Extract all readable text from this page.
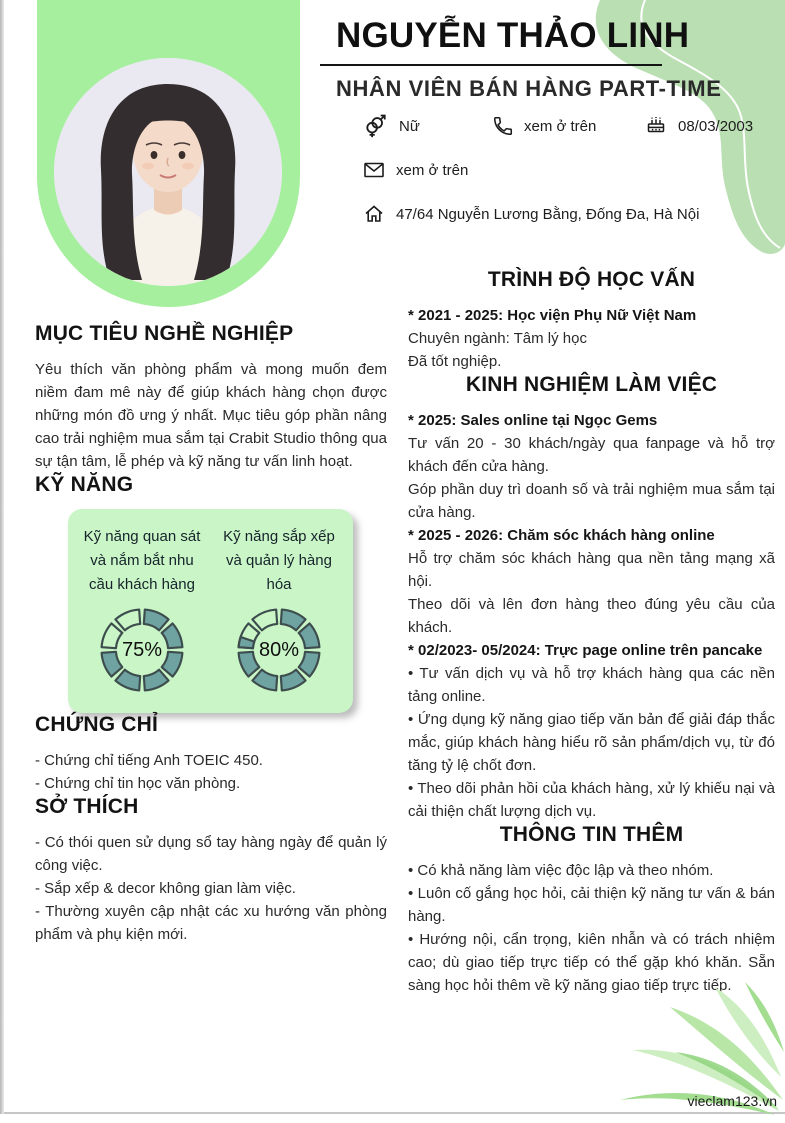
NGUYỄN THẢO LINH
NHÂN VIÊN BÁN HÀNG PART-TIME
Nữ	xem ở trên	08/03/2003
xem ở trên
47/64 Nguyễn Lương Bằng, Đống Đa, Hà Nội
MỤC TIÊU NGHỀ NGHIỆP

Yêu thích văn phòng phẩm và mong muốn đem niềm đam mê này để giúp khách hàng chọn được những món đồ ưng ý nhất. Mục tiêu góp phần nâng cao trải nghiệm mua sắm tại Crabit Studio thông qua sự tận tâm, lễ phép và kỹ năng tư vấn linh hoạt.

KỸ NĂNG
Kỹ năng quan sát và nắm bắt nhu cầu khách hàng
75%
Kỹ năng sắp xếp và quản lý hàng hóa
80%
CHỨNG CHỈ
- Chứng chỉ tiếng Anh TOEIC 450.
- Chứng chỉ tin học văn phòng.
SỞ THÍCH
- Có thói quen sử dụng sổ tay hàng ngày để quản lý công việc.
- Sắp xếp & decor không gian làm việc.
- Thường xuyên cập nhật các xu hướng văn phòng phẩm và phụ kiện mới.
TRÌNH ĐỘ HỌC VẤN
* 2021 - 2025: Học viện Phụ Nữ Việt Nam
Chuyên ngành: Tâm lý học
Đã tốt nghiệp.
KINH NGHIỆM LÀM VIỆC
* 2025: Sales online tại Ngọc Gems

Tư vấn 20 - 30 khách/ngày qua fanpage và hỗ trợ khách đến cửa hàng.

Góp phần duy trì doanh số và trải nghiệm mua sắm tại cửa hàng.

* 2025 - 2026: Chăm sóc khách hàng online

Hỗ trợ chăm sóc khách hàng qua nền tảng mạng xã hội.

Theo dõi và lên đơn hàng theo đúng yêu cầu của khách.

* 02/2023- 05/2024: Trực page online trên pancake

• Tư vấn dịch vụ và hỗ trợ khách hàng qua các nền tảng online.

• Ứng dụng kỹ năng giao tiếp văn bản để giải đáp thắc mắc, giúp khách hàng hiểu rõ sản phẩm/dịch vụ, từ đó tăng tỷ lệ chốt đơn.

• Theo dõi phản hồi của khách hàng, xử lý khiếu nại và cải thiện chất lượng dịch vụ.

THÔNG TIN THÊM

• Có khả năng làm việc độc lập và theo nhóm.

• Luôn cố gắng học hỏi, cải thiện kỹ năng tư vấn & bán hàng.

• Hướng nội, cẩn trọng, kiên nhẫn và có trách nhiệm cao; dù giao tiếp trực tiếp có thể gặp khó khăn. Sẵn sàng học hỏi thêm về kỹ năng giao tiếp trực tiếp.

vieclam123.vn
